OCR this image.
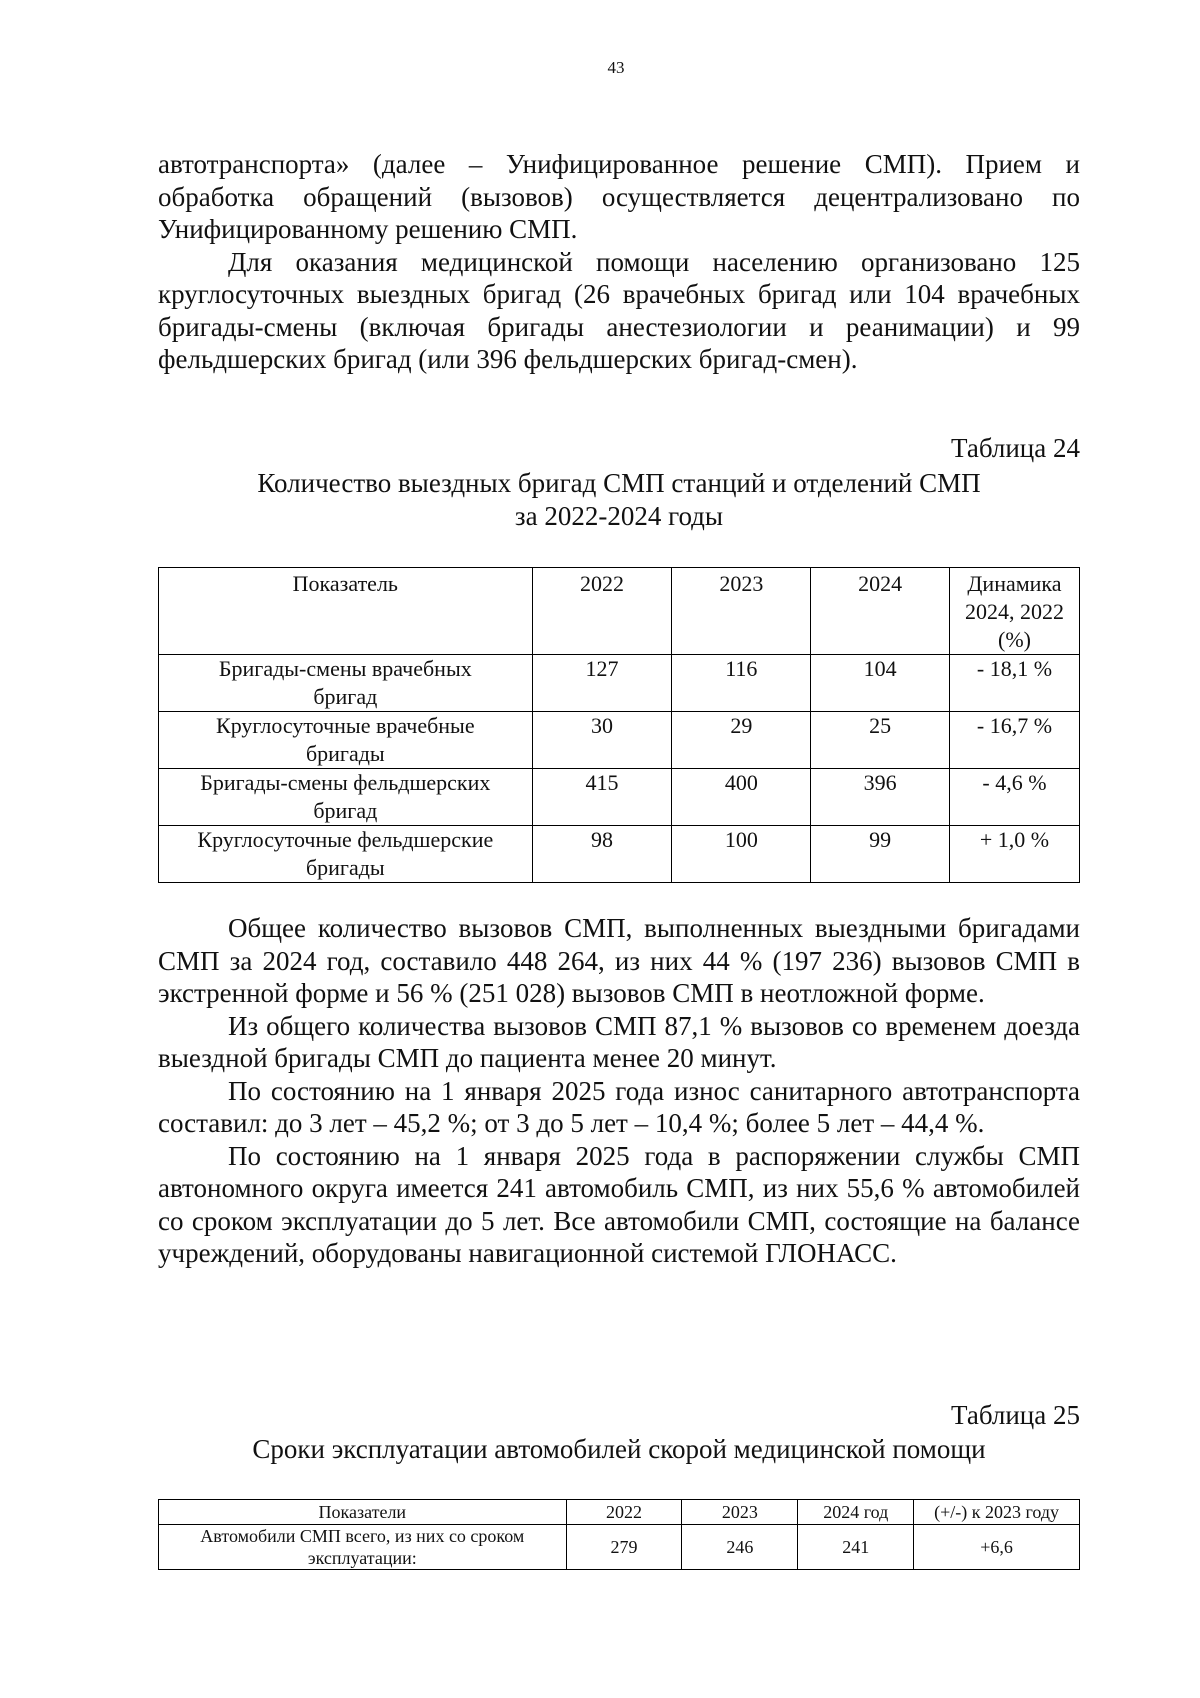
43

автотранспорта» (далее – Унифицированное решение СМП). Прием и обработка обращений (вызовов) осуществляется децентрализовано по Унифицированному решению СМП.

Для оказания медицинской помощи населению организовано 125 круглосуточных выездных бригад (26 врачебных бригад или 104 врачебных бригады-смены (включая бригады анестезиологии и реанимации) и 99 фельдшерских бригад (или 396 фельдшерских бригад-смен).

Таблица 24
Количество выездных бригад СМП станций и отделений СМП
за 2022-2024 годы
Показатель	2022	2023	2024	Динамика 2024, 2022 (%)
Бригады-смены врачебных бригад	127	116	104	- 18,1 %
Круглосуточные врачебные бригады	30	29	25	- 16,7 %
Бригады-смены фельдшерских бригад	415	400	396	- 4,6 %
Круглосуточные фельдшерские бригады	98	100	99	+ 1,0 %

Общее количество вызовов СМП, выполненных выездными бригадами СМП за 2024 год, составило 448 264, из них 44 % (197 236) вызовов СМП в экстренной форме и 56 % (251 028) вызовов СМП в неотложной форме.

Из общего количества вызовов СМП 87,1 % вызовов со временем доезда выездной бригады СМП до пациента менее 20 минут.

По состоянию на 1 января 2025 года износ санитарного автотранспорта составил: до 3 лет – 45,2 %; от 3 до 5 лет – 10,4 %; более 5 лет – 44,4 %.

По состоянию на 1 января 2025 года в распоряжении службы СМП автономного округа имеется 241 автомобиль СМП, из них 55,6 % автомобилей со сроком эксплуатации до 5 лет. Все автомобили СМП, состоящие на балансе учреждений, оборудованы навигационной системой ГЛОНАСС.

Таблица 25
Сроки эксплуатации автомобилей скорой медицинской помощи
Показатели	2022	2023	2024 год	(+/-) к 2023 году
Автомобили СМП всего, из них со сроком эксплуатации:	279	246	241	+6,6
